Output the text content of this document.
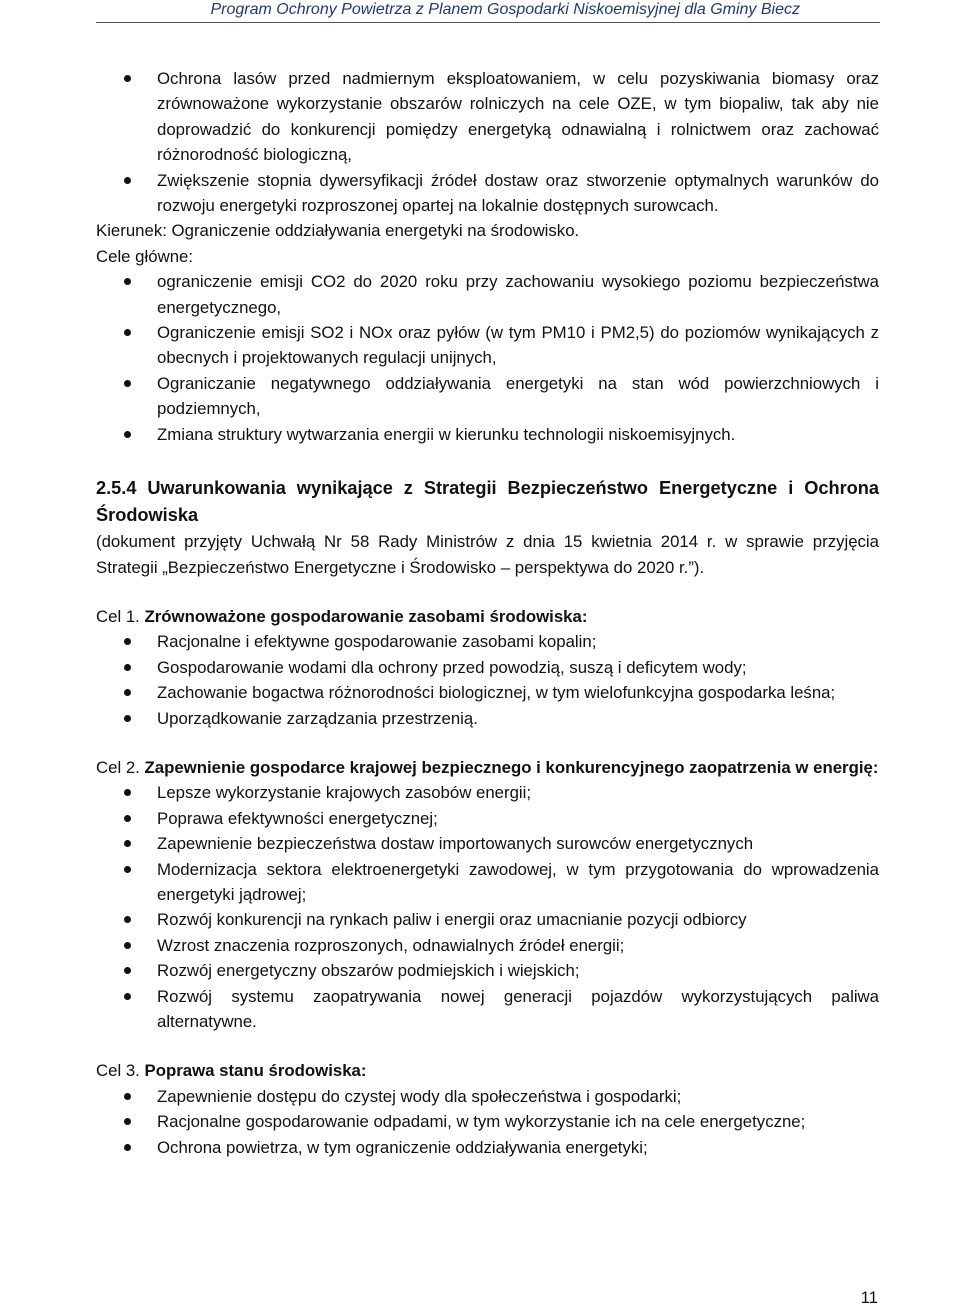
Program Ochrony Powietrza z Planem Gospodarki Niskoemisyjnej dla Gminy Biecz
Ochrona lasów przed nadmiernym eksploatowaniem, w celu pozyskiwania biomasy oraz zrównoważone wykorzystanie obszarów rolniczych na cele OZE, w tym biopaliw, tak aby nie doprowadzić do konkurencji pomiędzy energetyką odnawialną i rolnictwem oraz zachować różnorodność biologiczną,
Zwiększenie stopnia dywersyfikacji źródeł dostaw oraz stworzenie optymalnych warunków do rozwoju energetyki rozproszonej opartej na lokalnie dostępnych surowcach.

Kierunek: Ograniczenie oddziaływania energetyki na środowisko.

Cele główne:

ograniczenie emisji CO2 do 2020 roku przy zachowaniu wysokiego poziomu bezpieczeństwa energetycznego,
Ograniczenie emisji SO2 i NOx oraz pyłów (w tym PM10 i PM2,5) do poziomów wynikających z obecnych i projektowanych regulacji unijnych,
Ograniczanie negatywnego oddziaływania energetyki na stan wód powierzchniowych i podziemnych,
Zmiana struktury wytwarzania energii w kierunku technologii niskoemisyjnych.
2.5.4 Uwarunkowania wynikające z Strategii Bezpieczeństwo Energetyczne i Ochrona Środowiska

(dokument przyjęty Uchwałą Nr 58 Rady Ministrów z dnia 15 kwietnia 2014 r. w sprawie przyjęcia Strategii „Bezpieczeństwo Energetyczne i Środowisko – perspektywa do 2020 r.”).

Cel 1. Zrównoważone gospodarowanie zasobami środowiska:

Racjonalne i efektywne gospodarowanie zasobami kopalin;
Gospodarowanie wodami dla ochrony przed powodzią, suszą i deficytem wody;
Zachowanie bogactwa różnorodności biologicznej, w tym wielofunkcyjna gospodarka leśna;
Uporządkowanie zarządzania przestrzenią.

Cel 2. Zapewnienie gospodarce krajowej bezpiecznego i konkurencyjnego zaopatrzenia w energię:

Lepsze wykorzystanie krajowych zasobów energii;
Poprawa efektywności energetycznej;
Zapewnienie bezpieczeństwa dostaw importowanych surowców energetycznych
Modernizacja sektora elektroenergetyki zawodowej, w tym przygotowania do wprowadzenia energetyki jądrowej;
Rozwój konkurencji na rynkach paliw i energii oraz umacnianie pozycji odbiorcy
Wzrost znaczenia rozproszonych, odnawialnych źródeł energii;
Rozwój energetyczny obszarów podmiejskich i wiejskich;
Rozwój systemu zaopatrywania nowej generacji pojazdów wykorzystujących paliwa alternatywne.

Cel 3. Poprawa stanu środowiska:

Zapewnienie dostępu do czystej wody dla społeczeństwa i gospodarki;
Racjonalne gospodarowanie odpadami, w tym wykorzystanie ich na cele energetyczne;
Ochrona powietrza, w tym ograniczenie oddziaływania energetyki;
11
